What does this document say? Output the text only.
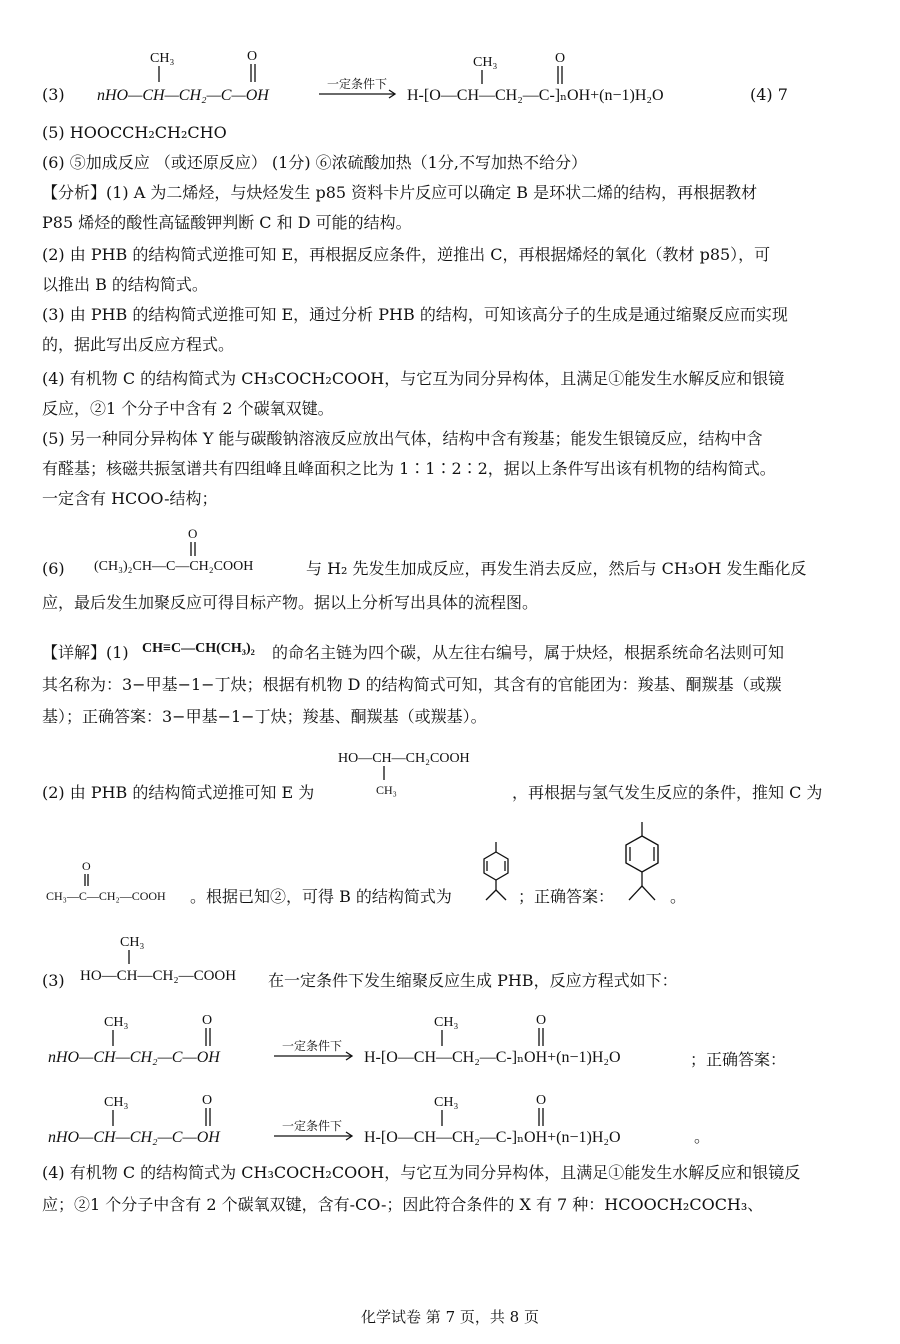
(3)
CH₃	O
nHO—CH—CH₂—C—OH
一定条件下
CH₃	O
H-[O—CH—CH₂—C-]ₙOH+(n−1)H₂O	(4) 7
(5) HOOCCH₂CH₂CHO
(6) ⑤加成反应 （或还原反应） (1分) ⑥浓硫酸加热（1分,不写加热不给分）
【分析】(1) A 为二烯烃，与炔烃发生 p85 资料卡片反应可以确定 B 是环状二烯的结构，再根据教材
P85 烯烃的酸性高锰酸钾判断 C 和 D 可能的结构。
(2) 由 PHB 的结构简式逆推可知 E，再根据反应条件，逆推出 C，再根据烯烃的氧化（教材 p85），可
以推出 B 的结构简式。
(3) 由 PHB 的结构简式逆推可知 E，通过分析 PHB 的结构，可知该高分子的生成是通过缩聚反应而实现
的，据此写出反应方程式。
(4) 有机物 C 的结构简式为 CH₃COCH₂COOH，与它互为同分异构体，且满足①能发生水解反应和银镜
反应，②1 个分子中含有 2 个碳氧双键。
(5) 另一种同分异构体 Y 能与碳酸钠溶液反应放出气体，结构中含有羧基；能发生银镜反应，结构中含
有醛基；核磁共振氢谱共有四组峰且峰面积之比为 1∶1∶2∶2，据以上条件写出该有机物的结构简式。
一定含有 HCOO-结构；
(6)
O
(CH₃)₂CH—C—CH₂COOH	与 H₂ 先发生加成反应，再发生消去反应，然后与 CH₃OH 发生酯化反
应，最后发生加聚反应可得目标产物。据以上分析写出具体的流程图。
【详解】(1) CH≡C—CH(CH₃)₂ 的命名主链为四个碳，从左往右编号，属于炔烃，根据系统命名法则可知
其名称为：3−甲基−1−丁炔；根据有机物 D 的结构简式可知，其含有的官能团为：羧基、酮羰基（或羰
基）；正确答案：3−甲基−1−丁炔；羧基、酮羰基（或羰基）。
(2) 由 PHB 的结构简式逆推可知 E 为
HO—CH—CH₂COOH
CH₃	，再根据与氢气发生反应的条件，推知 C 为
O
CH₃—C—CH₂—COOH 。根据已知②，可得 B 的结构简式为	；正确答案：	。
(3)
CH₃
HO—CH—CH₂—COOH 在一定条件下发生缩聚反应生成 PHB，反应方程式如下：
CH₃	O
nHO—CH—CH₂—C—OH
一定条件下
CH₃	O
H-[O—CH—CH₂—C-]ₙOH+(n−1)H₂O	；正确答案：
CH₃	O
nHO—CH—CH₂—C—OH
一定条件下
CH₃	O
H-[O—CH—CH₂—C-]ₙOH+(n−1)H₂O	。
(4) 有机物 C 的结构简式为 CH₃COCH₂COOH，与它互为同分异构体，且满足①能发生水解反应和银镜反
应；②1 个分子中含有 2 个碳氧双键，含有-CO-；因此符合条件的 X 有 7 种：HCOOCH₂COCH₃、
化学试卷 第 7 页，共 8 页
